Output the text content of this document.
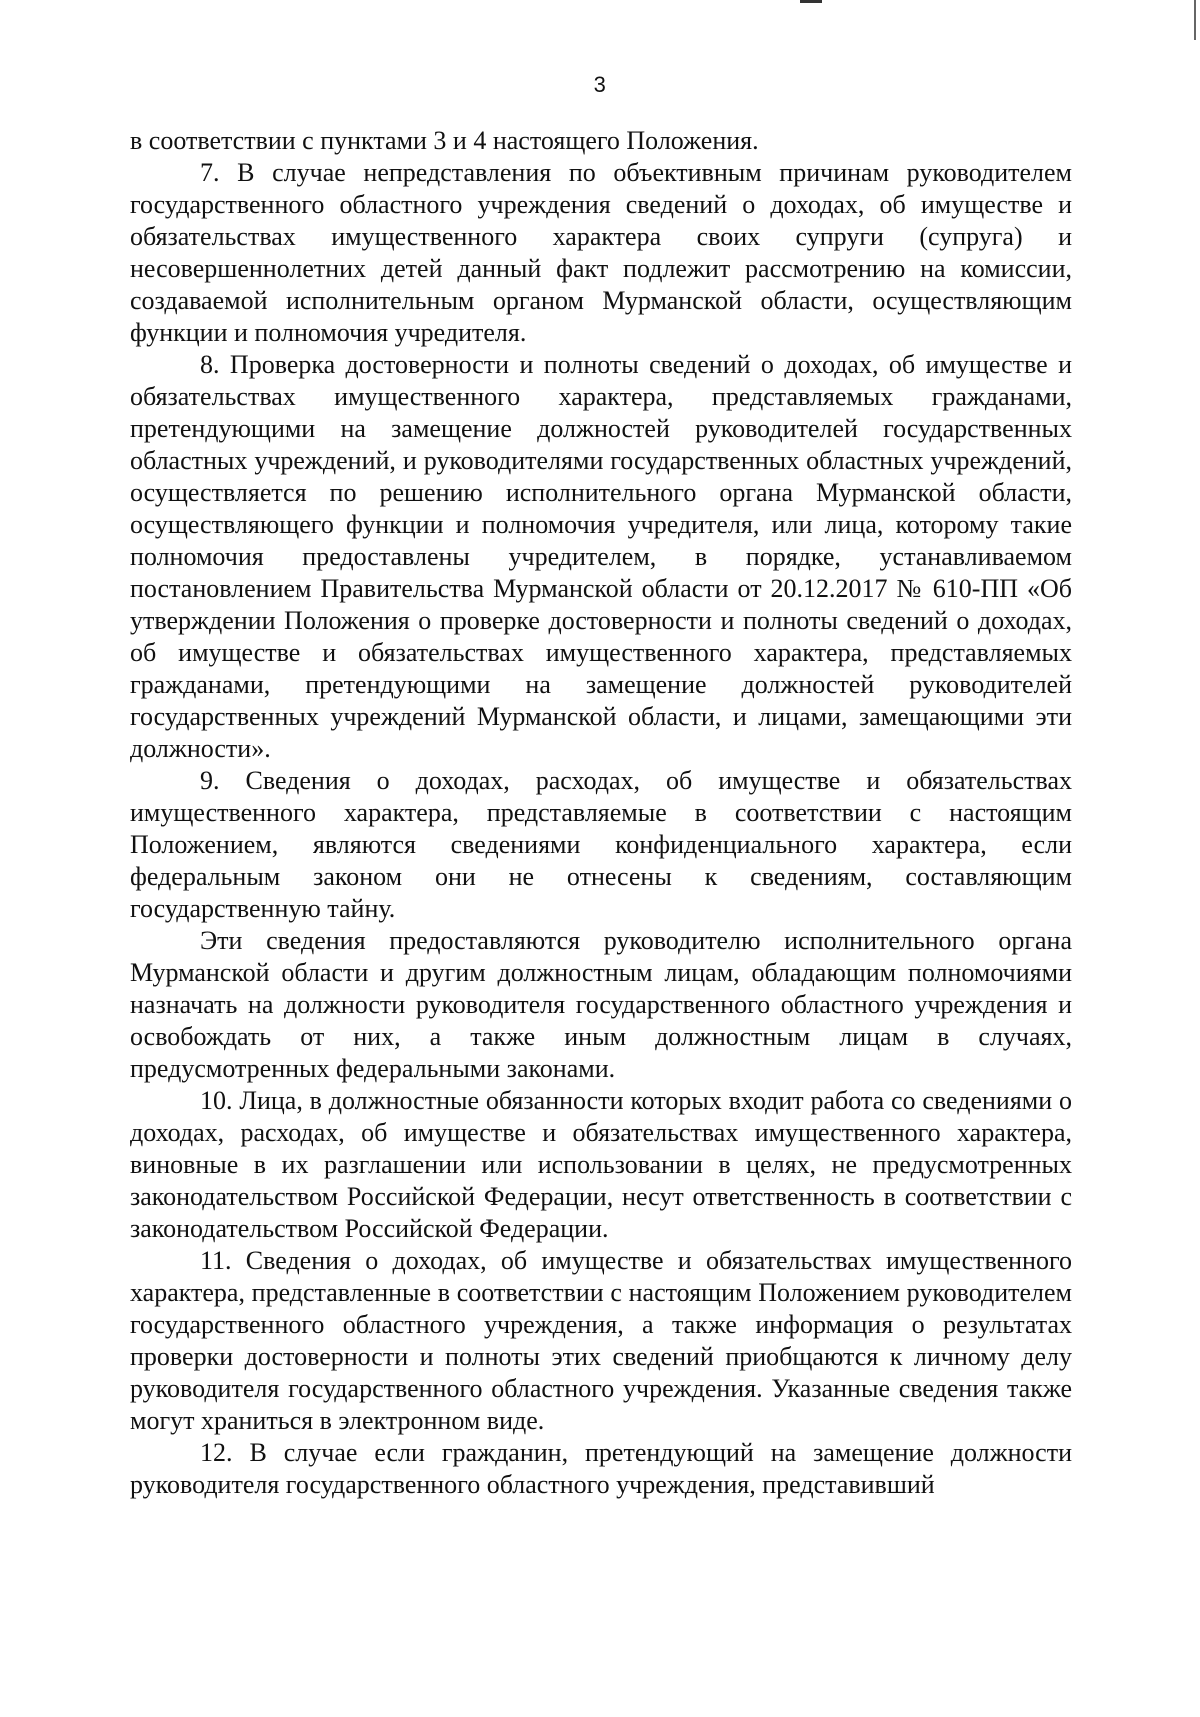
3

в соответствии с пунктами 3 и 4 настоящего Положения.

7. В случае непредставления по объективным причинам руководителем государственного областного учреждения сведений о доходах, об имуществе и обязательствах имущественного характера своих супруги (супруга) и несовершеннолетних детей данный факт подлежит рассмотрению на комиссии, создаваемой исполнительным органом Мурманской области, осуществляющим функции и полномочия учредителя.

8. Проверка достоверности и полноты сведений о доходах, об имуществе и обязательствах имущественного характера, представляемых гражданами, претендующими на замещение должностей руководителей государственных областных учреждений, и руководителями государственных областных учреждений, осуществляется по решению исполнительного органа Мурманской области, осуществляющего функции и полномочия учредителя, или лица, которому такие полномочия предоставлены учредителем, в порядке, устанавливаемом постановлением Правительства Мурманской области от 20.12.2017 № 610-ПП «Об утверждении Положения о проверке достоверности и полноты сведений о доходах, об имуществе и обязательствах имущественного характера, представляемых гражданами, претендующими на замещение должностей руководителей государственных учреждений Мурманской области, и лицами, замещающими эти должности».

9. Сведения о доходах, расходах, об имуществе и обязательствах имущественного характера, представляемые в соответствии с настоящим Положением, являются сведениями конфиденциального характера, если федеральным законом они не отнесены к сведениям, составляющим государственную тайну.

Эти сведения предоставляются руководителю исполнительного органа Мурманской области и другим должностным лицам, обладающим полномочиями назначать на должности руководителя государственного областного учреждения и освобождать от них, а также иным должностным лицам в случаях, предусмотренных федеральными законами.

10. Лица, в должностные обязанности которых входит работа со сведениями о доходах, расходах, об имуществе и обязательствах имущественного характера, виновные в их разглашении или использовании в целях, не предусмотренных законодательством Российской Федерации, несут ответственность в соответствии с законодательством Российской Федерации.

11. Сведения о доходах, об имуществе и обязательствах имущественного характера, представленные в соответствии с настоящим Положением руководителем государственного областного учреждения, а также информация о результатах проверки достоверности и полноты этих сведений приобщаются к личному делу руководителя государственного областного учреждения. Указанные сведения также могут храниться в электронном виде.

12. В случае если гражданин, претендующий на замещение должности руководителя государственного областного учреждения, представивший
